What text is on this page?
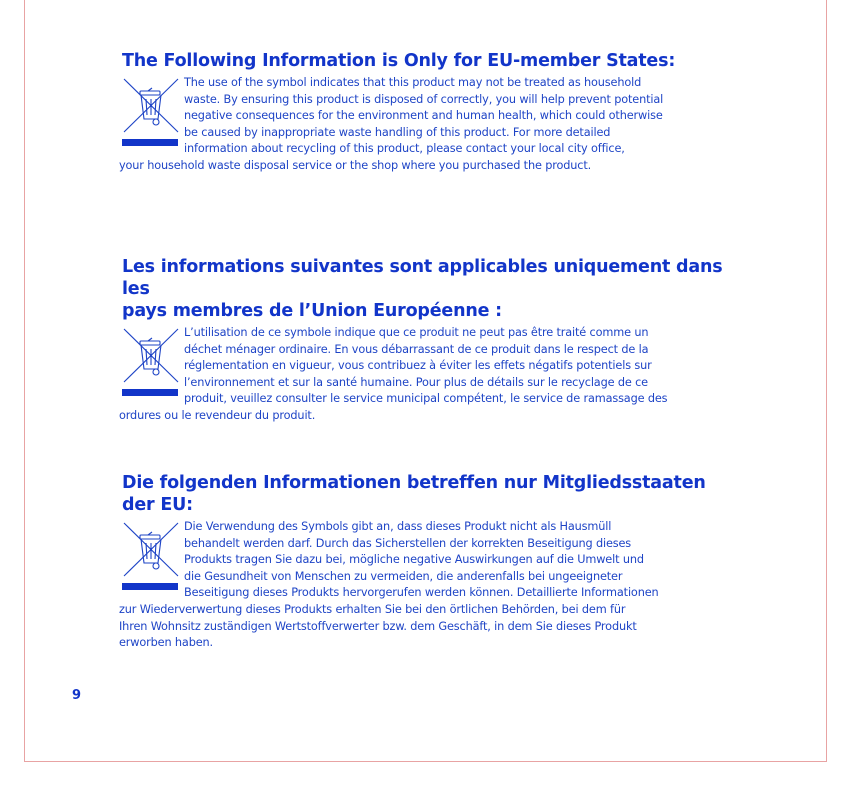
The Following Information is Only for EU-member States:

The use of the symbol indicates that this product may not be treated as household
waste. By ensuring this product is disposed of correctly, you will help prevent potential
negative consequences for the environment and human health, which could otherwise
be caused by inappropriate waste handling of this product. For more detailed
information about recycling of this product, please contact your local city office,
your household waste disposal service or the shop where you purchased the product.

Les informations suivantes sont applicables uniquement dans les
pays membres de l’Union Européenne :

L’utilisation de ce symbole indique que ce produit ne peut pas être traité comme un
déchet ménager ordinaire. En vous débarrassant de ce produit dans le respect de la
réglementation en vigueur, vous contribuez à éviter les effets négatifs potentiels sur
l’environnement et sur la santé humaine. Pour plus de détails sur le recyclage de ce
produit, veuillez consulter le service municipal compétent, le service de ramassage des
ordures ou le revendeur du produit.

Die folgenden Informationen betreffen nur Mitgliedsstaaten der EU:

Die Verwendung des Symbols gibt an, dass dieses Produkt nicht als Hausmüll
behandelt werden darf. Durch das Sicherstellen der korrekten Beseitigung dieses
Produkts tragen Sie dazu bei, mögliche negative Auswirkungen auf die Umwelt und
die Gesundheit von Menschen zu vermeiden, die anderenfalls bei ungeeigneter
Beseitigung dieses Produkts hervorgerufen werden können. Detaillierte Informationen
zur Wiederverwertung dieses Produkts erhalten Sie bei den örtlichen Behörden, bei dem für
Ihren Wohnsitz zuständigen Wertstoffverwerter bzw. dem Geschäft, in dem Sie dieses Produkt
erworben haben.

9
